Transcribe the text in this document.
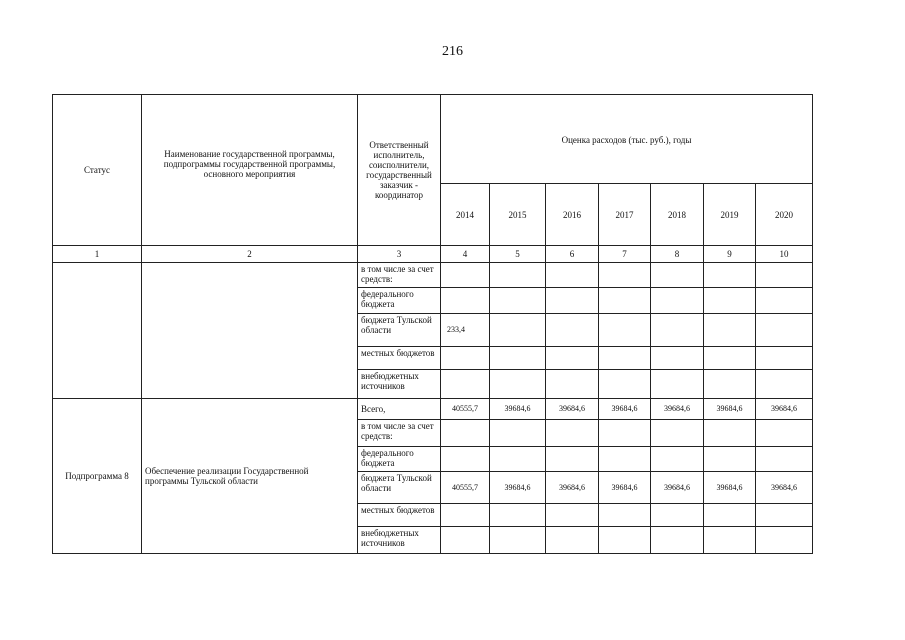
216
Статус	Наименование государственной программы, подпрограммы государственной программы, основного мероприятия	Ответственный исполнитель, соисполнители, государственный заказчик - координатор	Оценка расходов (тыс. руб.), годы						
			2014	2015	2016	2017	2018	2019	2020
1	2	3	4	5	6	7	8	9	10
		в том числе за счет средств:							
		федерального бюджета							
		бюджета Тульской области	233,4						
		местных бюджетов							
		внебюджетных источников							
Подпрограмма 8	Обеспечение реализации Государственной программы Тульской области	Всего,	40555,7	39684,6	39684,6	39684,6	39684,6	39684,6	39684,6
		в том числе за счет средств:							
		федерального бюджета							
		бюджета Тульской области	40555,7	39684,6	39684,6	39684,6	39684,6	39684,6	39684,6
		местных бюджетов							
		внебюджетных источников							
